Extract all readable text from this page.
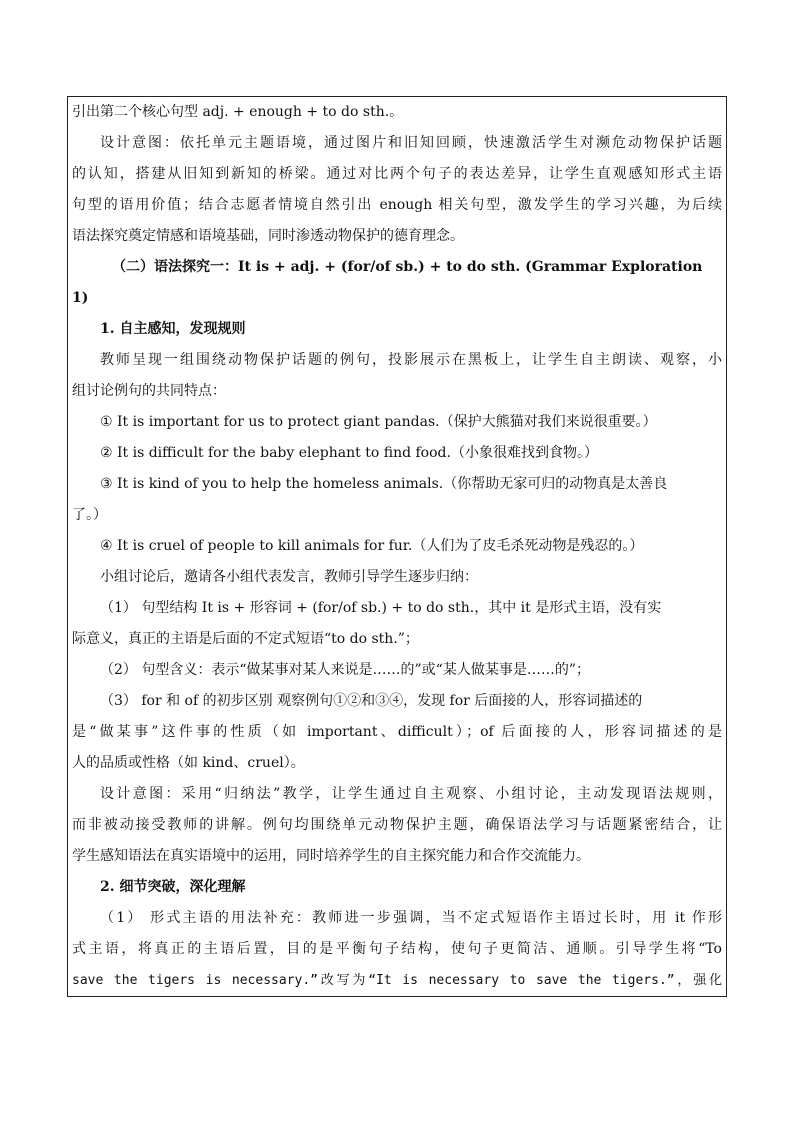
引出第二个核心句型 adj. + enough + to do sth.。
设计意图：依托单元主题语境，通过图片和旧知回顾，快速激活学生对濒危动物保护话题
的认知，搭建从旧知到新知的桥梁。通过对比两个句子的表达差异，让学生直观感知形式主语
句型的语用价值；结合志愿者情境自然引出 enough 相关句型，激发学生的学习兴趣，为后续
语法探究奠定情感和语境基础，同时渗透动物保护的德育理念。
（二）语法探究一：It is + adj. + (for/of sb.) + to do sth. (Grammar Exploration
1)
1. 自主感知，发现规则
教师呈现一组围绕动物保护话题的例句，投影展示在黑板上，让学生自主朗读、观察，小
组讨论例句的共同特点：
① It is important for us to protect giant pandas.（保护大熊猫对我们来说很重要。）
② It is difficult for the baby elephant to find food.（小象很难找到食物。）
③ It is kind of you to help the homeless animals.（你帮助无家可归的动物真是太善良
了。）
④ It is cruel of people to kill animals for fur.（人们为了皮毛杀死动物是残忍的。）
小组讨论后，邀请各小组代表发言，教师引导学生逐步归纳：
（1） 句型结构 It is + 形容词 + (for/of sb.) + to do sth.，其中 it 是形式主语，没有实
际意义，真正的主语是后面的不定式短语“to do sth.”；
（2） 句型含义：表示“做某事对某人来说是……的”或“某人做某事是……的”；
（3） for 和 of 的初步区别 观察例句①②和③④，发现 for 后面接的人，形容词描述的
是“做某事”这件事的性质（如 important、difficult）；of 后面接的人，形容词描述的是
人的品质或性格（如 kind、cruel）。
设计意图：采用“归纳法”教学，让学生通过自主观察、小组讨论，主动发现语法规则，
而非被动接受教师的讲解。例句均围绕单元动物保护主题，确保语法学习与话题紧密结合，让
学生感知语法在真实语境中的运用，同时培养学生的自主探究能力和合作交流能力。
2. 细节突破，深化理解
（1） 形式主语的用法补充：教师进一步强调，当不定式短语作主语过长时，用 it 作形
式主语，将真正的主语后置，目的是平衡句子结构，使句子更简洁、通顺。引导学生将“To
save the tigers is necessary.”改写为“It is necessary to save the tigers.”，强化
